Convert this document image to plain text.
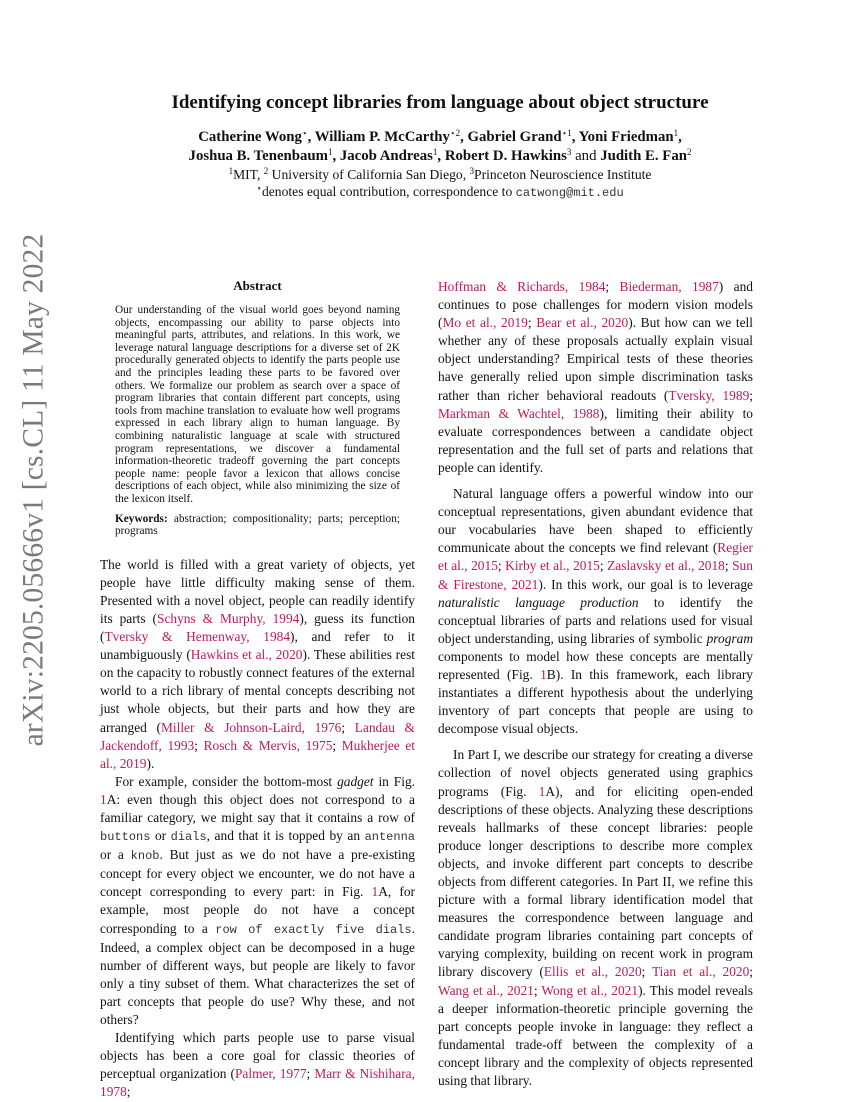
arXiv:2205.05666v1 [cs.CL] 11 May 2022
Identifying concept libraries from language about object structure
Catherine Wong⋆, William P. McCarthy$^{⋆2}$, Gabriel Grand$^{⋆1}$, Yoni Friedman$^1$,
Joshua B. Tenenbaum$^1$, Jacob Andreas$^1$, Robert D. Hawkins$^3$ and Judith E. Fan$^2$
$^1$MIT, $^2$ University of California San Diego, $^3$Princeton Neuroscience Institute
⋆denotes equal contribution, correspondence to catwong@mit.edu
Abstract

Our understanding of the visual world goes beyond naming objects, encompassing our ability to parse objects into meaningful parts, attributes, and relations. In this work, we leverage natural language descriptions for a diverse set of 2K procedurally generated objects to identify the parts people use and the principles leading these parts to be favored over others. We formalize our problem as search over a space of program libraries that contain different part concepts, using tools from machine translation to evaluate how well programs expressed in each library align to human language. By combining naturalistic language at scale with structured program representations, we discover a fundamental information-theoretic tradeoff governing the part concepts people name: people favor a lexicon that allows concise descriptions of each object, while also minimizing the size of the lexicon itself.

Keywords: abstraction; compositionality; parts; perception; programs

The world is filled with a great variety of objects, yet people have little difficulty making sense of them. Presented with a novel object, people can readily identify its parts (Schyns & Murphy, 1994), guess its function (Tversky & Hemenway, 1984), and refer to it unambiguously (Hawkins et al., 2020). These abilities rest on the capacity to robustly connect features of the external world to a rich library of mental concepts describing not just whole objects, but their parts and how they are arranged (Miller & Johnson-Laird, 1976; Landau & Jackendoff, 1993; Rosch & Mervis, 1975; Mukherjee et al., 2019).

For example, consider the bottom-most gadget in Fig. 1A: even though this object does not correspond to a familiar category, we might say that it contains a row of buttons or dials, and that it is topped by an antenna or a knob. But just as we do not have a pre-existing concept for every object we encounter, we do not have a concept corresponding to every part: in Fig. 1A, for example, most people do not have a concept corresponding to a row of exactly five dials. Indeed, a complex object can be decomposed in a huge number of different ways, but people are likely to favor only a tiny subset of them. What characterizes the set of part concepts that people do use? Why these, and not others?

Identifying which parts people use to parse visual objects has been a core goal for classic theories of perceptual organization (Palmer, 1977; Marr & Nishihara, 1978;

Hoffman & Richards, 1984; Biederman, 1987) and continues to pose challenges for modern vision models (Mo et al., 2019; Bear et al., 2020). But how can we tell whether any of these proposals actually explain visual object understanding? Empirical tests of these theories have generally relied upon simple discrimination tasks rather than richer behavioral readouts (Tversky, 1989; Markman & Wachtel, 1988), limiting their ability to evaluate correspondences between a candidate object representation and the full set of parts and relations that people can identify.

Natural language offers a powerful window into our conceptual representations, given abundant evidence that our vocabularies have been shaped to efficiently communicate about the concepts we find relevant (Regier et al., 2015; Kirby et al., 2015; Zaslavsky et al., 2018; Sun & Firestone, 2021). In this work, our goal is to leverage naturalistic language production to identify the conceptual libraries of parts and relations used for visual object understanding, using libraries of symbolic program components to model how these concepts are mentally represented (Fig. 1B). In this framework, each library instantiates a different hypothesis about the underlying inventory of part concepts that people are using to decompose visual objects.

In Part I, we describe our strategy for creating a diverse collection of novel objects generated using graphics programs (Fig. 1A), and for eliciting open-ended descriptions of these objects. Analyzing these descriptions reveals hallmarks of these concept libraries: people produce longer descriptions to describe more complex objects, and invoke different part concepts to describe objects from different categories. In Part II, we refine this picture with a formal library identification model that measures the correspondence between language and candidate program libraries containing part concepts of varying complexity, building on recent work in program library discovery (Ellis et al., 2020; Tian et al., 2020; Wang et al., 2021; Wong et al., 2021). This model reveals a deeper information-theoretic principle governing the part concepts people invoke in language: they reflect a fundamental trade-off between the complexity of a concept library and the complexity of objects represented using that library.
